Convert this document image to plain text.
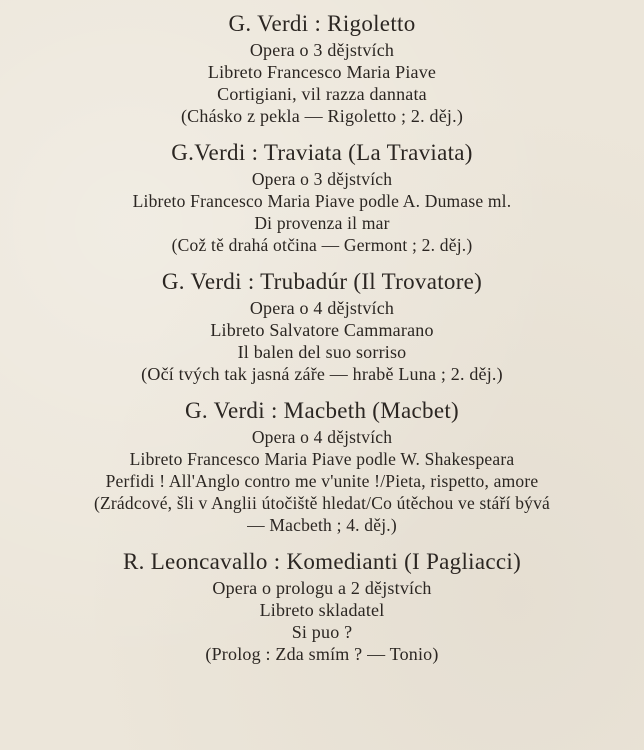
G. Verdi : Rigoletto
Opera o 3 dějstvích
Libreto Francesco Maria Piave
Cortigiani, vil razza dannata
(Chásko z pekla — Rigoletto ; 2. děj.)
G.Verdi : Traviata (La Traviata)
Opera o 3 dějstvích
Libreto Francesco Maria Piave podle A. Dumase ml.
Di provenza il mar
(Což tě drahá otčina — Germont ; 2. děj.)
G. Verdi : Trubadúr (Il Trovatore)
Opera o 4 dějstvích
Libreto Salvatore Cammarano
Il balen del suo sorriso
(Očí tvých tak jasná záře — hrabě Luna ; 2. děj.)
G. Verdi : Macbeth (Macbet)
Opera o 4 dějstvích
Libreto Francesco Maria Piave podle W. Shakespeara
Perfidi ! All'Anglo contro me v'unite !/Pieta, rispetto, amore
(Zrádcové, šli v Anglii útočiště hledat/Co útěchou ve stáří bývá
— Macbeth ; 4. děj.)
R. Leoncavallo : Komedianti (I Pagliacci)
Opera o prologu a 2 dějstvích
Libreto skladatel
Si puo ?
(Prolog : Zda smím ? — Tonio)
